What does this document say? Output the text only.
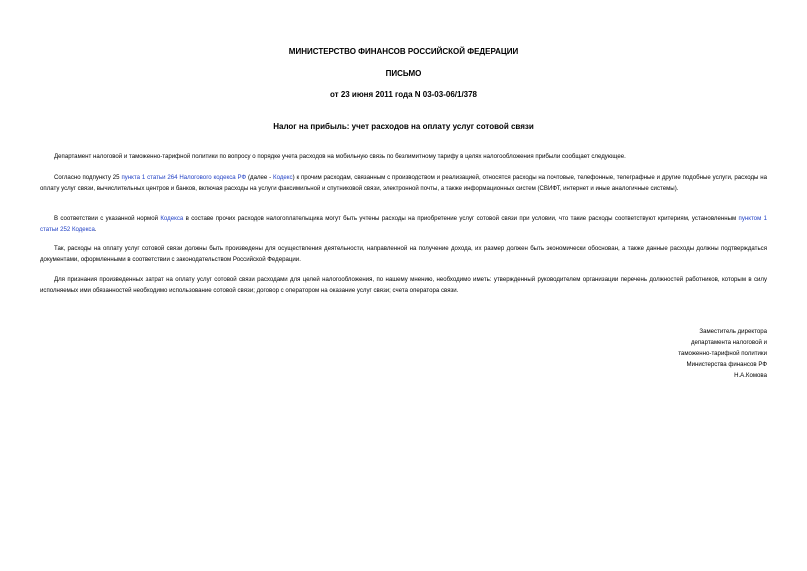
МИНИСТЕРСТВО ФИНАНСОВ РОССИЙСКОЙ ФЕДЕРАЦИИ
ПИСЬМО
от 23 июня 2011 года N 03-03-06/1/378
Налог на прибыль: учет расходов на оплату услуг сотовой связи
Департамент налоговой и таможенно-тарифной политики по вопросу о порядке учета расходов на мобильную связь по безлимитному тарифу в целях налогообложения прибыли сообщает следующее.
Согласно подпункту 25 пункта 1 статьи 264 Налогового кодекса РФ (далее - Кодекс) к прочим расходам, связанным с производством и реализацией, относятся расходы на почтовые, телефонные, телеграфные и другие подобные услуги, расходы на оплату услуг связи, вычислительных центров и банков, включая расходы на услуги факсимильной и спутниковой связи, электронной почты, а также информационных систем (СВИФТ, интернет и иные аналогичные системы).
В соответствии с указанной нормой Кодекса в составе прочих расходов налогоплательщика могут быть учтены расходы на приобретение услуг сотовой связи при условии, что такие расходы соответствуют критериям, установленным пунктом 1 статьи 252 Кодекса.
Так, расходы на оплату услуг сотовой связи должны быть произведены для осуществления деятельности, направленной на получение дохода, их размер должен быть экономически обоснован, а также данные расходы должны подтверждаться документами, оформленными в соответствии с законодательством Российской Федерации.
Для признания произведенных затрат на оплату услуг сотовой связи расходами для целей налогообложения, по нашему мнению, необходимо иметь: утвержденный руководителем организации перечень должностей работников, которым в силу исполняемых ими обязанностей необходимо использование сотовой связи; договор с оператором на оказание услуг связи; счета оператора связи.
Заместитель директора
департамента налоговой и
таможенно-тарифной политики
Министерства финансов РФ
Н.А.Комова
